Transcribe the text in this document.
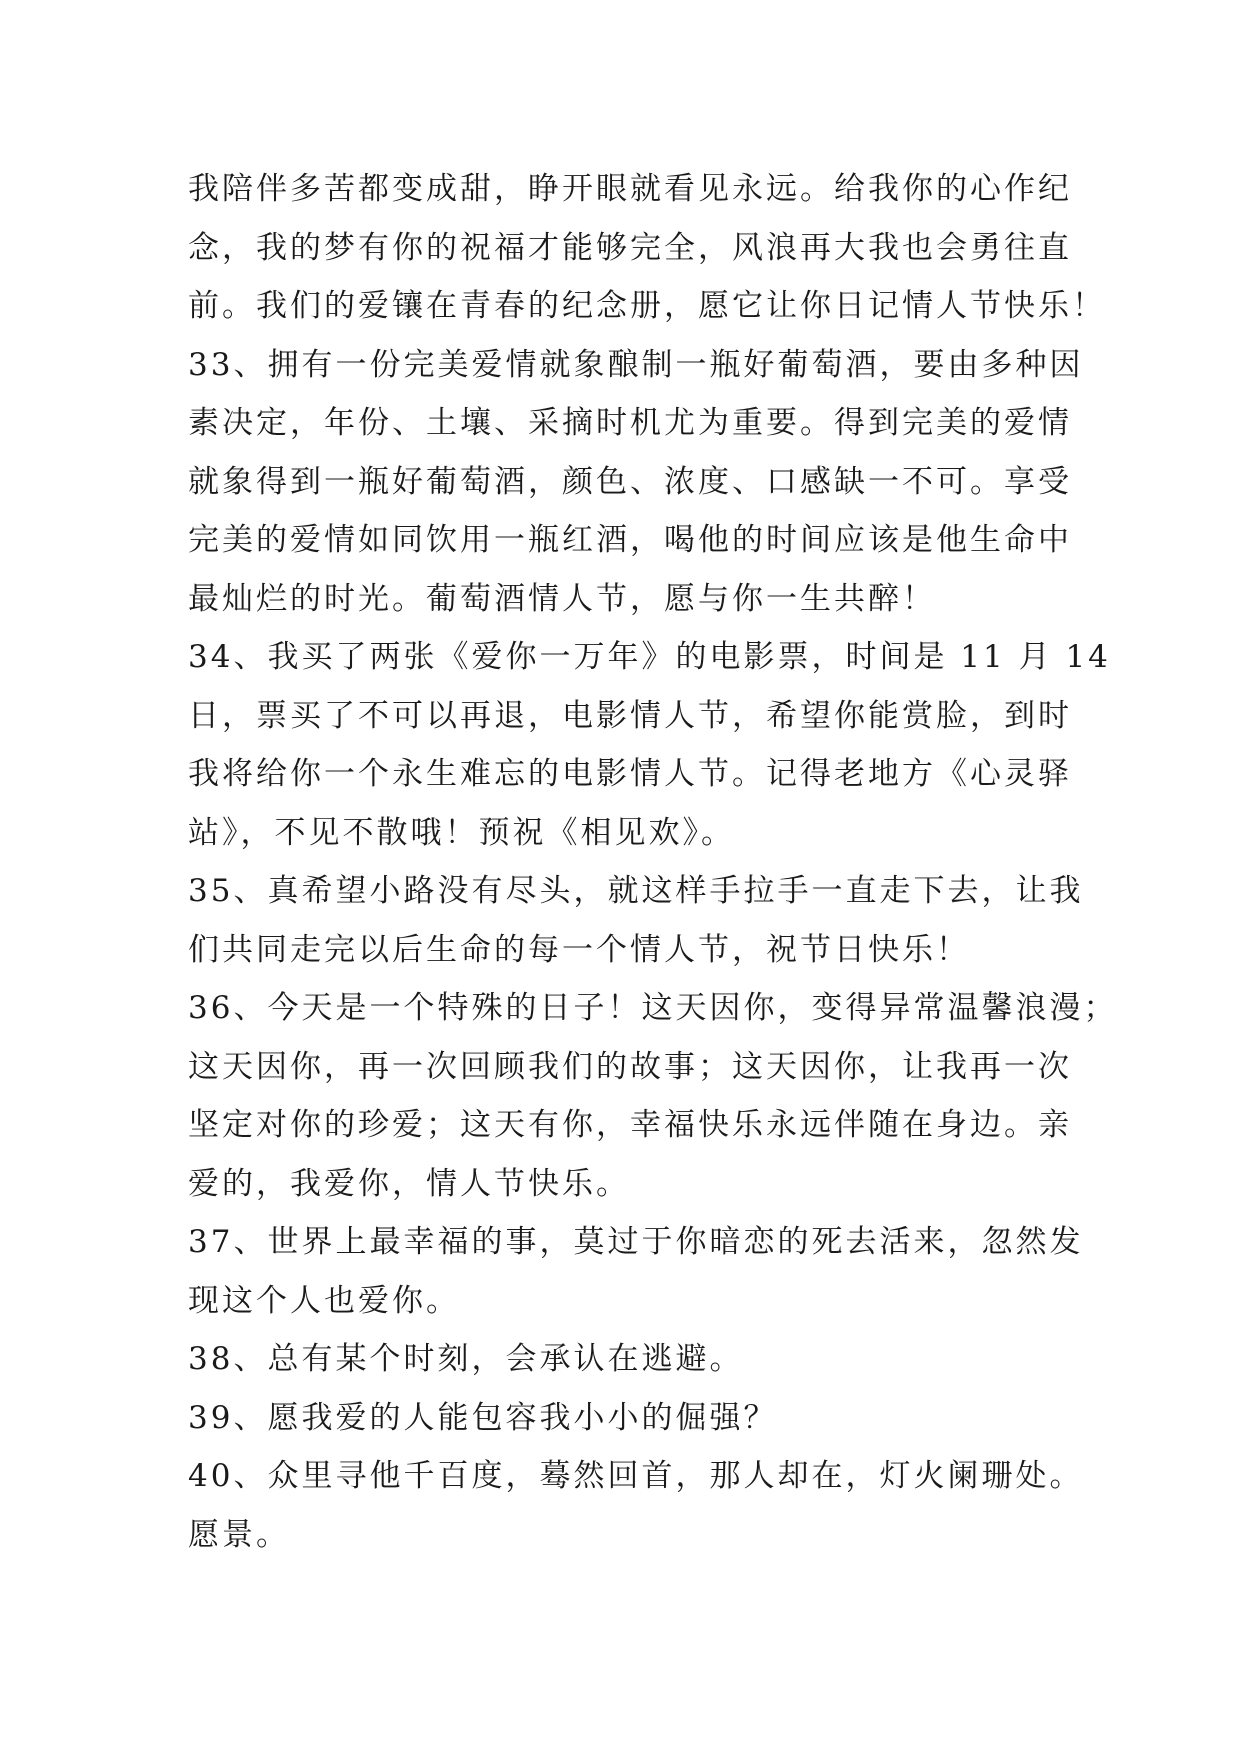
我陪伴多苦都变成甜，睁开眼就看见永远。给我你的心作纪
念，我的梦有你的祝福才能够完全，风浪再大我也会勇往直
前。我们的爱镶在青春的纪念册，愿它让你日记情人节快乐！
33、拥有一份完美爱情就象酿制一瓶好葡萄酒，要由多种因
素决定，年份、土壤、采摘时机尤为重要。得到完美的爱情
就象得到一瓶好葡萄酒，颜色、浓度、口感缺一不可。享受
完美的爱情如同饮用一瓶红酒，喝他的时间应该是他生命中
最灿烂的时光。葡萄酒情人节，愿与你一生共醉！
34、我买了两张《爱你一万年》的电影票，时间是 11 月 14
日，票买了不可以再退，电影情人节，希望你能赏脸，到时
我将给你一个永生难忘的电影情人节。记得老地方《心灵驿
站》，不见不散哦！预祝《相见欢》。
35、真希望小路没有尽头，就这样手拉手一直走下去，让我
们共同走完以后生命的每一个情人节，祝节日快乐！
36、今天是一个特殊的日子！这天因你，变得异常温馨浪漫；
这天因你，再一次回顾我们的故事；这天因你，让我再一次
坚定对你的珍爱；这天有你，幸福快乐永远伴随在身边。亲
爱的，我爱你，情人节快乐。
37、世界上最幸福的事，莫过于你暗恋的死去活来，忽然发
现这个人也爱你。
38、总有某个时刻，会承认在逃避。
39、愿我爱的人能包容我小小的倔强？
40、众里寻他千百度，蓦然回首，那人却在，灯火阑珊处。
愿景。
